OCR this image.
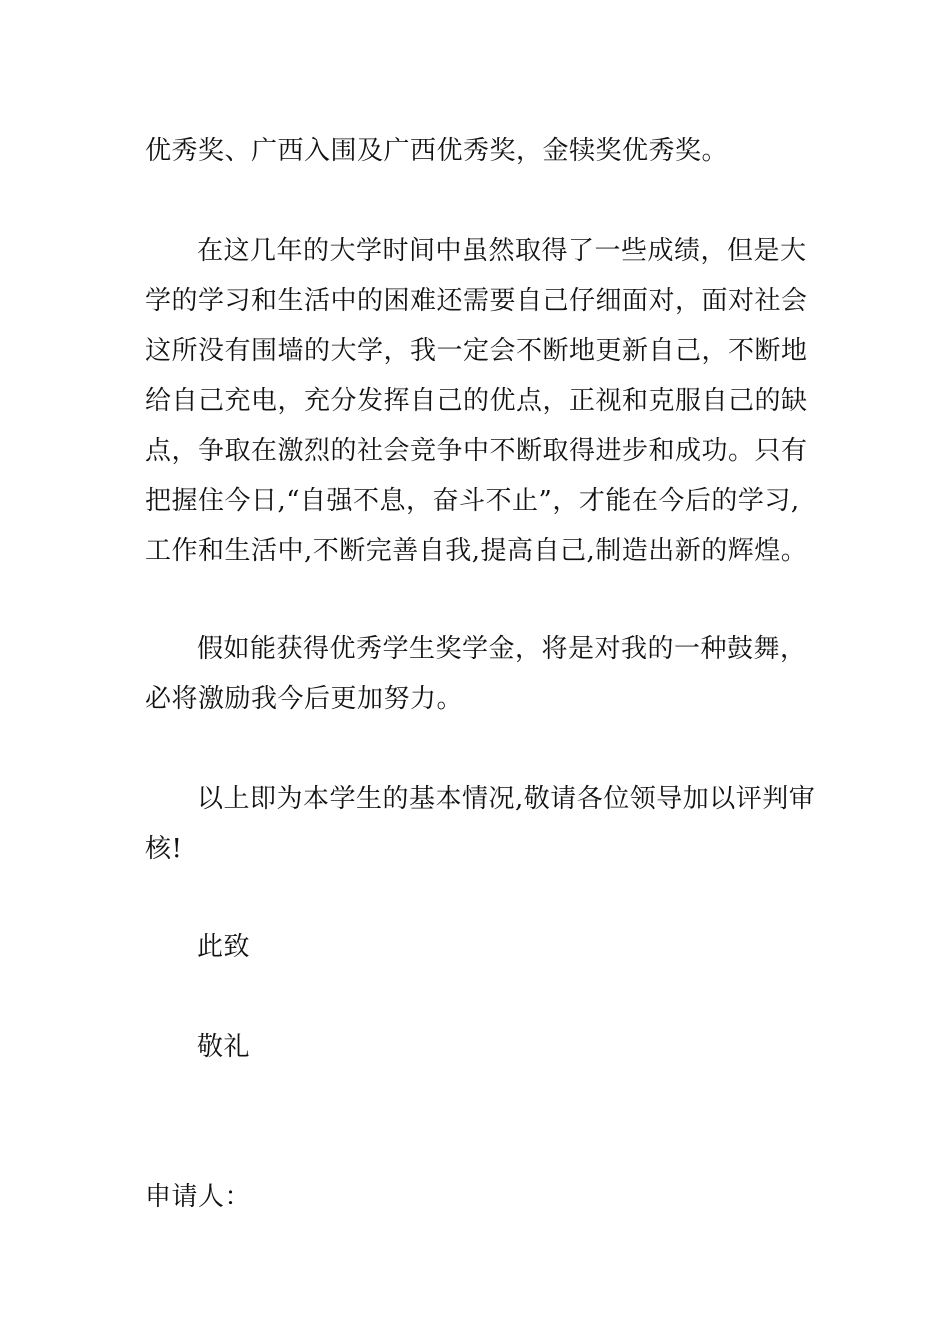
优秀奖、广西入围及广西优秀奖，金犊奖优秀奖。
在这几年的大学时间中虽然取得了一些成绩，但是大
学的学习和生活中的困难还需要自己仔细面对，面对社会
这所没有围墙的大学，我一定会不断地更新自己，不断地
给自己充电，充分发挥自己的优点，正视和克服自己的缺
点，争取在激烈的社会竞争中不断取得进步和成功。只有
把握住今日,“自强不息，奋斗不止”，才能在今后的学习,
工作和生活中,不断完善自我,提高自己,制造出新的辉煌。
假如能获得优秀学生奖学金，将是对我的一种鼓舞，
必将激励我今后更加努力。
以上即为本学生的基本情况,敬请各位领导加以评判审
核!
此致
敬礼
申请人：
